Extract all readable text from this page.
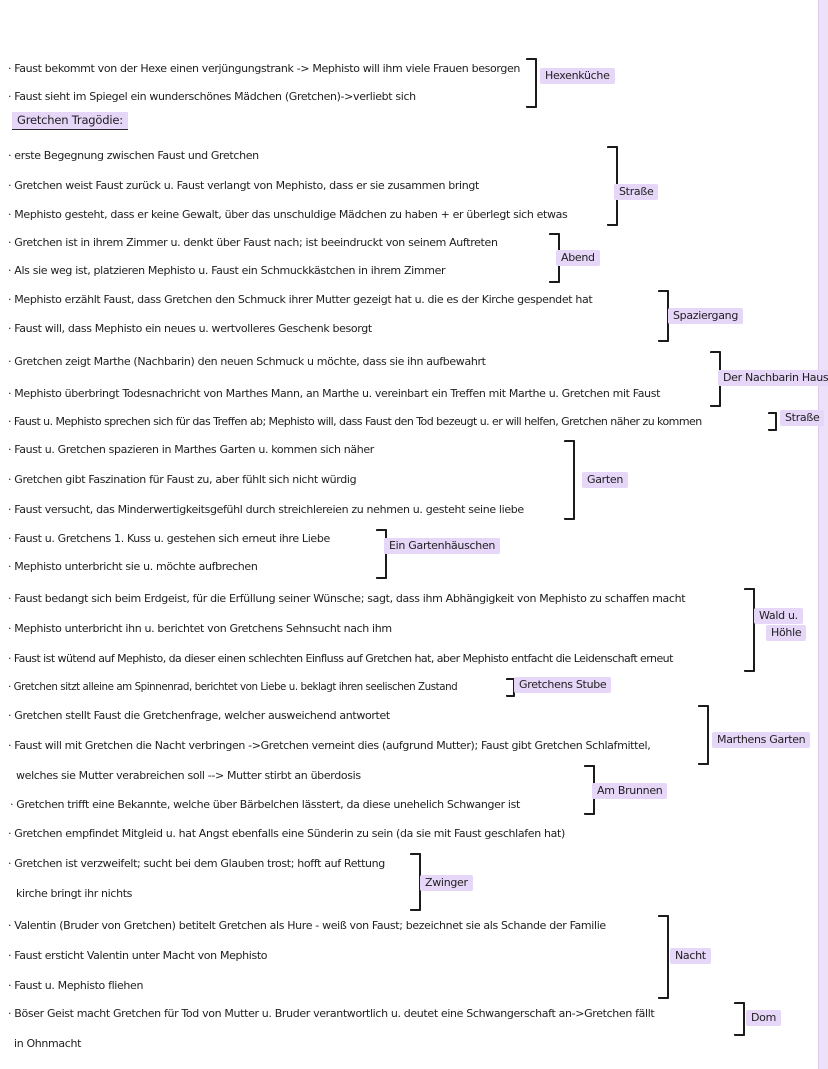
· Faust bekommt von der Hexe einen verjüngungstrank -> Mephisto will ihm viele Frauen besorgen
· Faust sieht im Spiegel ein wunderschönes Mädchen (Gretchen)->verliebt sich
Gretchen Tragödie:
· erste Begegnung zwischen Faust und Gretchen
· Gretchen weist Faust zurück u. Faust verlangt von Mephisto, dass er sie zusammen bringt
· Mephisto gesteht, dass er keine Gewalt, über das unschuldige Mädchen zu haben + er überlegt sich etwas
· Gretchen ist in ihrem Zimmer u. denkt über Faust nach; ist beeindruckt von seinem Auftreten
· Als sie weg ist, platzieren Mephisto u. Faust ein Schmuckkästchen in ihrem Zimmer
· Mephisto erzählt Faust, dass Gretchen den Schmuck ihrer Mutter gezeigt hat u. die es der Kirche gespendet hat
· Faust will, dass Mephisto ein neues u. wertvolleres Geschenk besorgt
· Gretchen zeigt Marthe (Nachbarin) den neuen Schmuck u möchte, dass sie ihn aufbewahrt
· Mephisto überbringt Todesnachricht von Marthes Mann, an Marthe u. vereinbart ein Treffen mit Marthe u. Gretchen mit Faust
· Faust u. Mephisto sprechen sich für das Treffen ab; Mephisto will, dass Faust den Tod bezeugt u. er will helfen, Gretchen näher zu kommen
· Faust u. Gretchen spazieren in Marthes Garten u. kommen sich näher
· Gretchen gibt Faszination für Faust zu, aber fühlt sich nicht würdig
· Faust versucht, das Minderwertigkeitsgefühl durch streichlereien zu nehmen u. gesteht seine liebe
· Faust u. Gretchens 1. Kuss u. gestehen sich erneut ihre Liebe
· Mephisto unterbricht sie u. möchte aufbrechen
· Faust bedangt sich beim Erdgeist, für die Erfüllung seiner Wünsche; sagt, dass ihm Abhängigkeit von Mephisto zu schaffen macht
· Mephisto unterbricht ihn u. berichtet von Gretchens Sehnsucht nach ihm
· Faust ist wütend auf Mephisto, da dieser einen schlechten Einfluss auf Gretchen hat, aber Mephisto entfacht die Leidenschaft erneut
· Gretchen sitzt alleine am Spinnenrad, berichtet von Liebe u. beklagt ihren seelischen Zustand
· Gretchen stellt Faust die Gretchenfrage, welcher ausweichend antwortet
· Faust will mit Gretchen die Nacht verbringen ->Gretchen verneint dies (aufgrund Mutter); Faust gibt Gretchen Schlafmittel,
welches sie Mutter verabreichen soll --> Mutter stirbt an überdosis
· Gretchen trifft eine Bekannte, welche über Bärbelchen lässtert, da diese unehelich Schwanger ist
· Gretchen empfindet Mitgleid u. hat Angst ebenfalls eine Sünderin zu sein (da sie mit Faust geschlafen hat)
· Gretchen ist verzweifelt; sucht bei dem Glauben trost; hofft auf Rettung
kirche bringt ihr nichts
· Valentin (Bruder von Gretchen) betitelt Gretchen als Hure - weiß von Faust; bezeichnet sie als Schande der Familie
· Faust ersticht Valentin unter Macht von Mephisto
· Faust u. Mephisto fliehen
· Böser Geist macht Gretchen für Tod von Mutter u. Bruder verantwortlich u. deutet eine Schwangerschaft an->Gretchen fällt
in Ohnmacht
Hexenküche
Straße
Abend
Spaziergang
Der Nachbarin Haus
Straße
Garten
Ein Gartenhäuschen
Wald u.
Höhle
Gretchens Stube
Marthens Garten
Am Brunnen
Zwinger
Nacht
Dom
